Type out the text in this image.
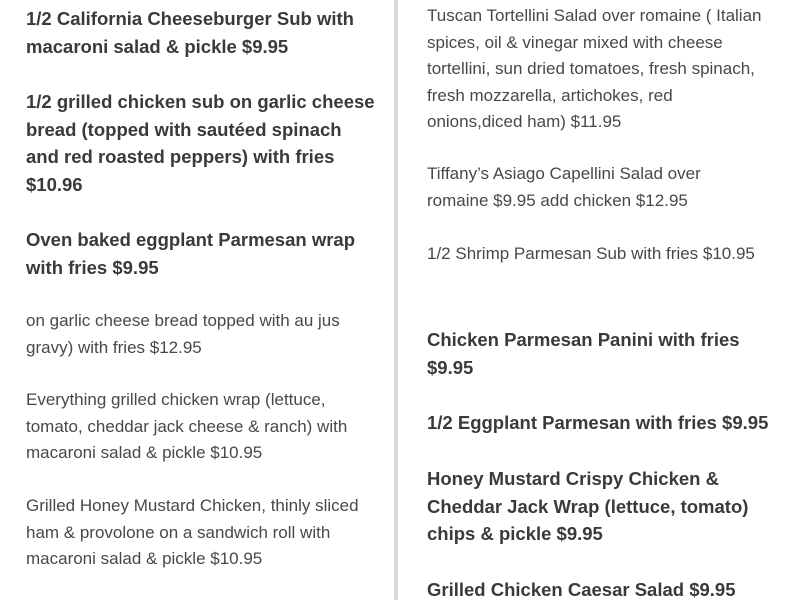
1/2 California Cheeseburger Sub with
macaroni salad & pickle $9.95

1/2 grilled chicken sub on garlic cheese
bread (topped with sautéed spinach
and red roasted peppers) with fries
$10.96

Oven baked eggplant Parmesan wrap
with fries $9.95

Tuscan Tortellini Salad over romaine ( Italian
spices, oil & vinegar mixed with cheese
tortellini, sun dried tomatoes, fresh spinach,
fresh mozzarella, artichokes, red
onions,diced ham) $11.95

Tiffany’s Asiago Capellini Salad over
romaine $9.95 add chicken $12.95

1/2 Shrimp Parmesan Sub with fries $10.95

on garlic cheese bread topped with au jus
gravy) with fries $12.95

Everything grilled chicken wrap (lettuce,
tomato, cheddar jack cheese & ranch) with
macaroni salad & pickle $10.95

Grilled Honey Mustard Chicken, thinly sliced
ham & provolone on a sandwich roll with
macaroni salad & pickle $10.95

Chicken Parmesan Panini with fries
$9.95

1/2 Eggplant Parmesan with fries $9.95

Honey Mustard Crispy Chicken &
Cheddar Jack Wrap (lettuce, tomato)
chips & pickle $9.95

Grilled Chicken Caesar Salad $9.95
